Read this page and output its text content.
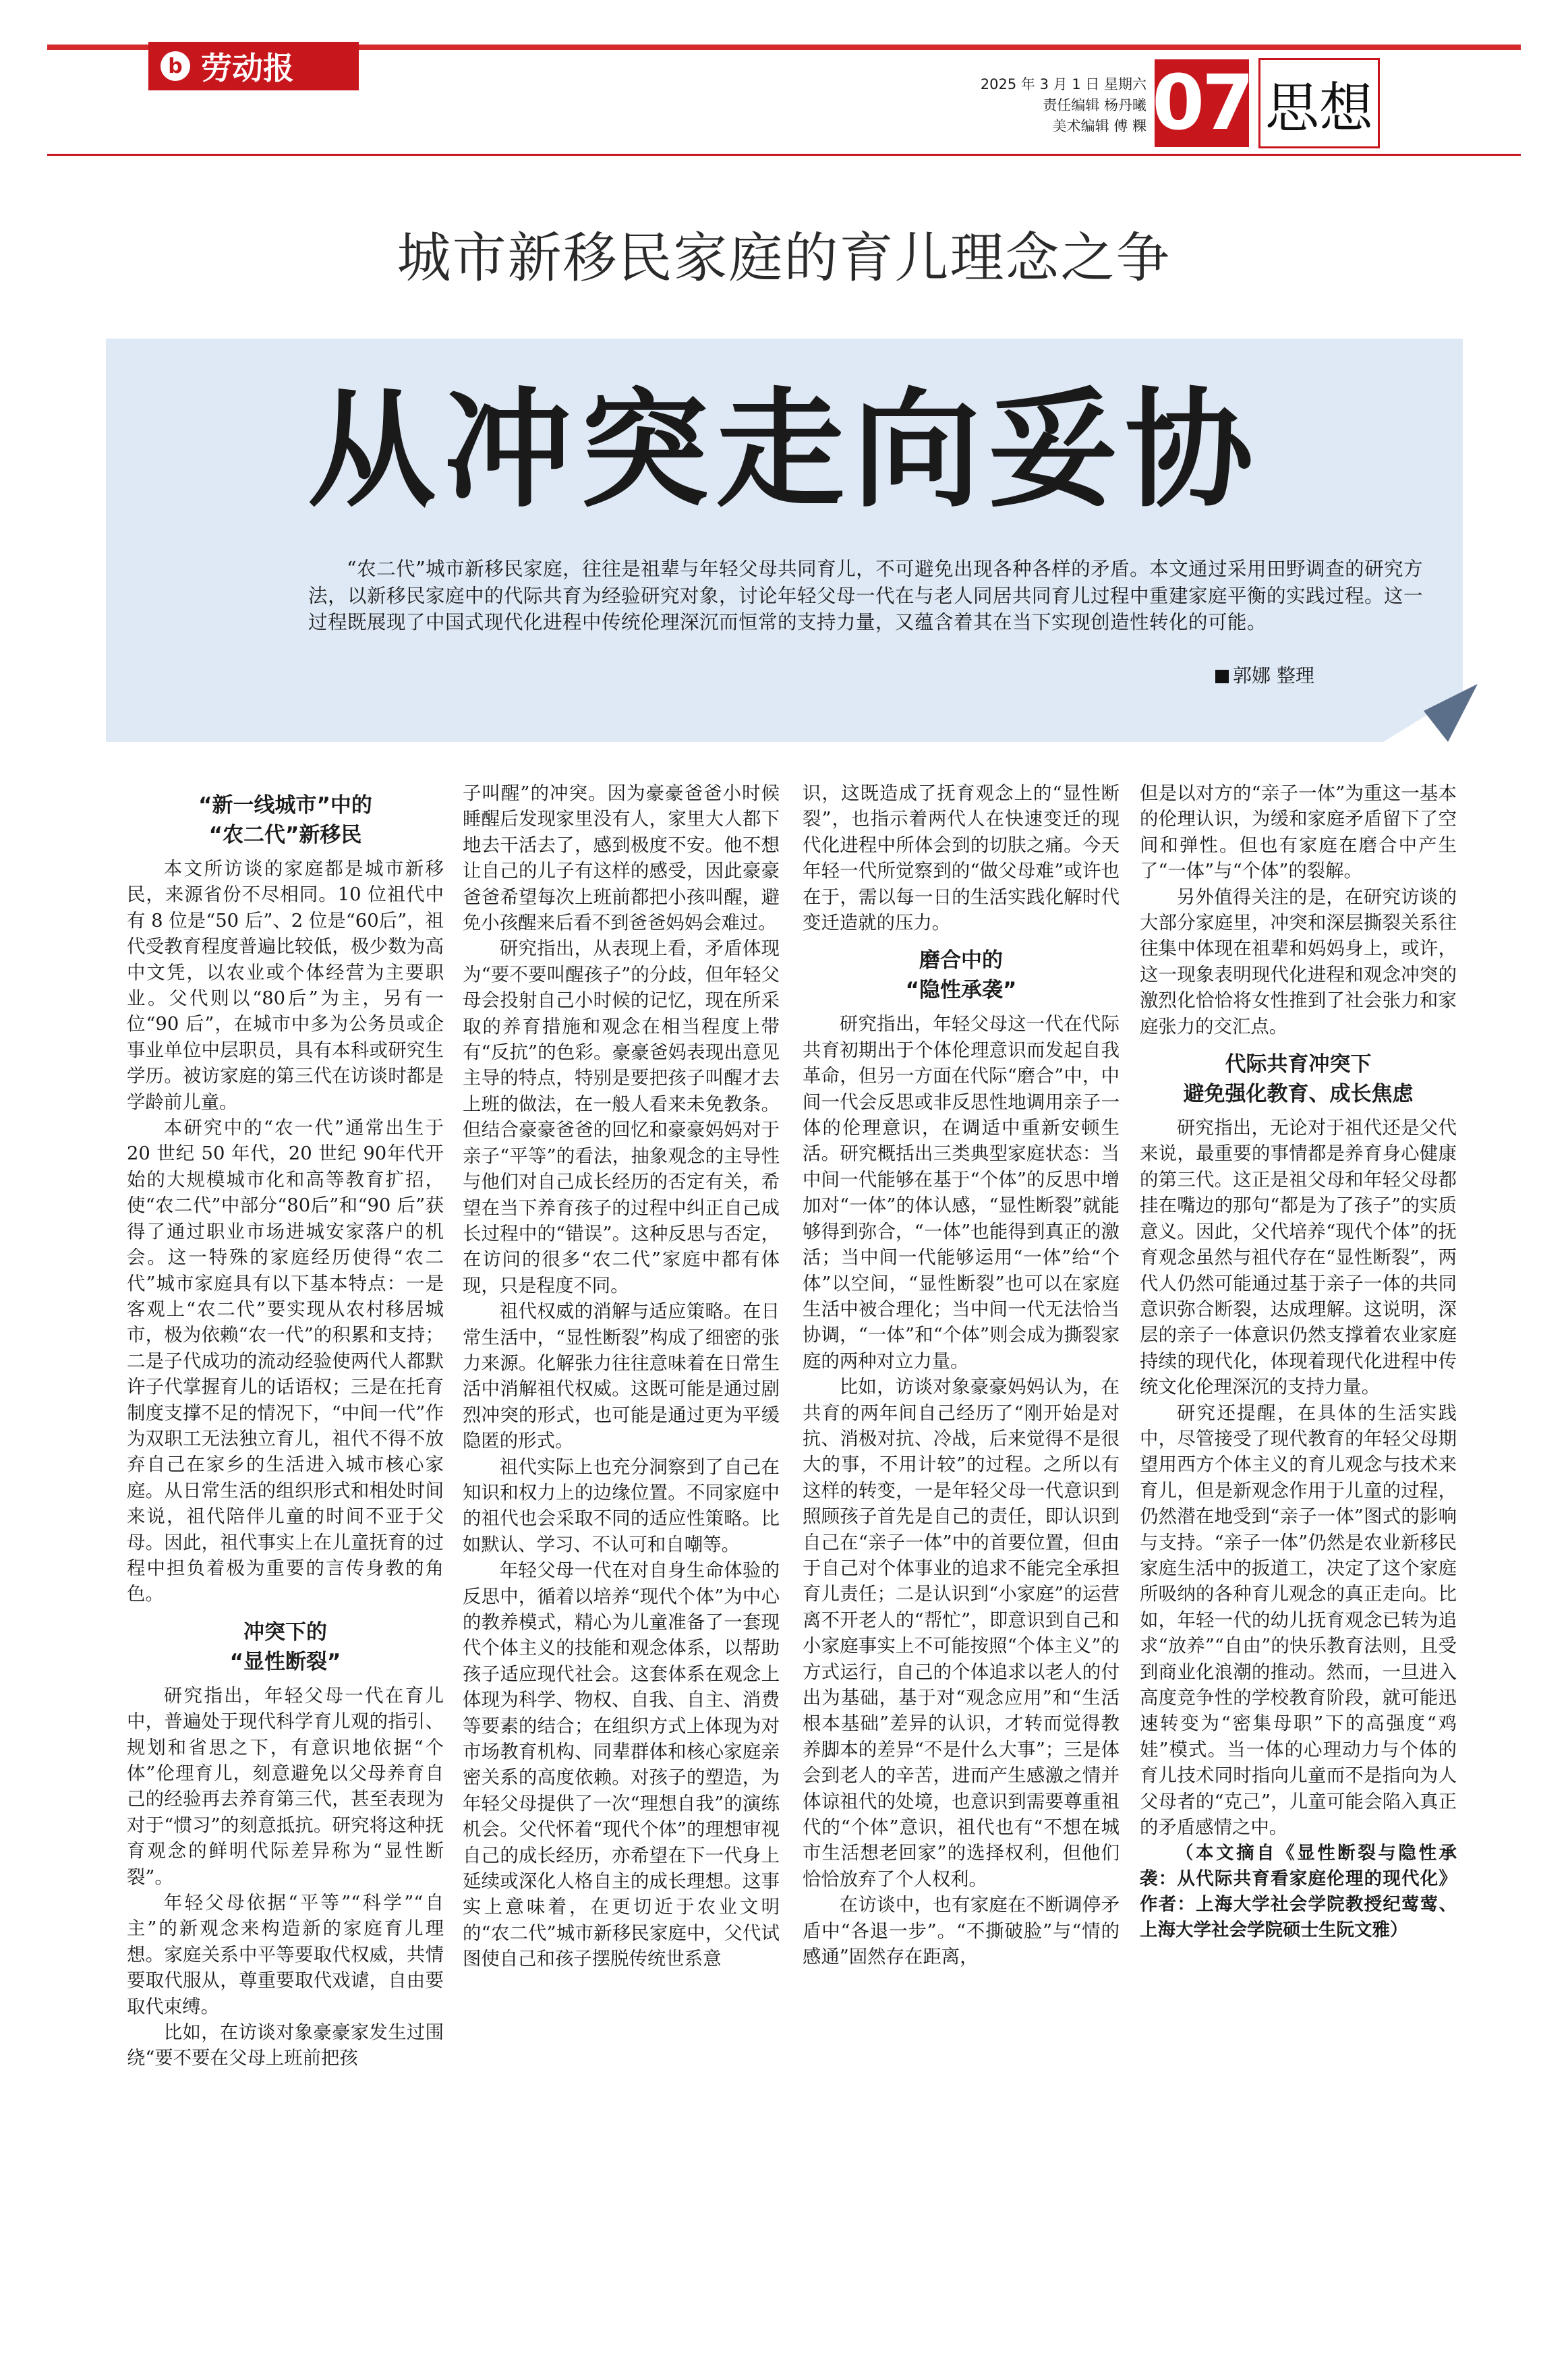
b 劳动报	2025 年 3 月 1 日 星期六
责任编辑 杨丹曦
美术编辑 傅 粿 07 思想
城市新移民家庭的育儿理念之争
从冲突走向妥协
“农二代”城市新移民家庭，往往是祖辈与年轻父母共同育儿，不可避免出现各种各样的矛盾。本文通过采用田野调查的研究方法，以新移民家庭中的代际共育为经验研究对象，讨论年轻父母一代在与老人同居共同育儿过程中重建家庭平衡的实践过程。这一过程既展现了中国式现代化进程中传统伦理深沉而恒常的支持力量，又蕴含着其在当下实现创造性转化的可能。
郭娜 整理
“新一线城市”中的
“农二代”新移民

本文所访谈的家庭都是城市新移民，来源省份不尽相同。10 位祖代中有 8 位是“50 后”、2 位是“60后”，祖代受教育程度普遍比较低，极少数为高中文凭，以农业或个体经营为主要职业。父代则以“80后”为主，另有一位“90 后”，在城市中多为公务员或企事业单位中层职员，具有本科或研究生学历。被访家庭的第三代在访谈时都是学龄前儿童。

本研究中的“农一代”通常出生于 20 世纪 50 年代，20 世纪 90年代开始的大规模城市化和高等教育扩招，使“农二代”中部分“80后”和“90 后”获得了通过职业市场进城安家落户的机会。这一特殊的家庭经历使得“农二代”城市家庭具有以下基本特点：一是客观上“农二代”要实现从农村移居城市，极为依赖“农一代”的积累和支持；二是子代成功的流动经验使两代人都默许子代掌握育儿的话语权；三是在托育制度支撑不足的情况下，“中间一代”作为双职工无法独立育儿，祖代不得不放弃自己在家乡的生活进入城市核心家庭。从日常生活的组织形式和相处时间来说，祖代陪伴儿童的时间不亚于父母。因此，祖代事实上在儿童抚育的过程中担负着极为重要的言传身教的角色。

冲突下的
“显性断裂”

研究指出，年轻父母一代在育儿中，普遍处于现代科学育儿观的指引、规划和省思之下，有意识地依据“个体”伦理育儿，刻意避免以父母养育自己的经验再去养育第三代，甚至表现为对于“惯习”的刻意抵抗。研究将这种抚育观念的鲜明代际差异称为“显性断裂”。

年轻父母依据“平等”“科学”“自主”的新观念来构造新的家庭育儿理想。家庭关系中平等要取代权威，共情要取代服从，尊重要取代戏谑，自由要取代束缚。

比如，在访谈对象豪豪家发生过围绕“要不要在父母上班前把孩

子叫醒”的冲突。因为豪豪爸爸小时候睡醒后发现家里没有人，家里大人都下地去干活去了，感到极度不安。他不想让自己的儿子有这样的感受，因此豪豪爸爸希望每次上班前都把小孩叫醒，避免小孩醒来后看不到爸爸妈妈会难过。

研究指出，从表现上看，矛盾体现为“要不要叫醒孩子”的分歧，但年轻父母会投射自己小时候的记忆，现在所采取的养育措施和观念在相当程度上带有“反抗”的色彩。豪豪爸妈表现出意见主导的特点，特别是要把孩子叫醒才去上班的做法，在一般人看来未免教条。但结合豪豪爸爸的回忆和豪豪妈妈对于亲子“平等”的看法，抽象观念的主导性与他们对自己成长经历的否定有关，希望在当下养育孩子的过程中纠正自己成长过程中的“错误”。这种反思与否定，在访问的很多“农二代”家庭中都有体现，只是程度不同。

祖代权威的消解与适应策略。在日常生活中，“显性断裂”构成了细密的张力来源。化解张力往往意味着在日常生活中消解祖代权威。这既可能是通过剧烈冲突的形式，也可能是通过更为平缓隐匿的形式。

祖代实际上也充分洞察到了自己在知识和权力上的边缘位置。不同家庭中的祖代也会采取不同的适应性策略。比如默认、学习、不认可和自嘲等。

年轻父母一代在对自身生命体验的反思中，循着以培养“现代个体”为中心的教养模式，精心为儿童准备了一套现代个体主义的技能和观念体系，以帮助孩子适应现代社会。这套体系在观念上体现为科学、物权、自我、自主、消费等要素的结合；在组织方式上体现为对市场教育机构、同辈群体和核心家庭亲密关系的高度依赖。对孩子的塑造，为年轻父母提供了一次“理想自我”的演练机会。父代怀着“现代个体”的理想审视自己的成长经历，亦希望在下一代身上延续或深化人格自主的成长理想。这事实上意味着，在更切近于农业文明的“农二代”城市新移民家庭中，父代试图使自己和孩子摆脱传统世系意

识，这既造成了抚育观念上的“显性断裂”，也指示着两代人在快速变迁的现代化进程中所体会到的切肤之痛。今天年轻一代所觉察到的“做父母难”或许也在于，需以每一日的生活实践化解时代变迁造就的压力。

磨合中的
“隐性承袭”

研究指出，年轻父母这一代在代际共育初期出于个体伦理意识而发起自我革命，但另一方面在代际“磨合”中，中间一代会反思或非反思性地调用亲子一体的伦理意识，在调适中重新安顿生活。研究概括出三类典型家庭状态：当中间一代能够在基于“个体”的反思中增加对“一体”的体认感，“显性断裂”就能够得到弥合，“一体”也能得到真正的激活；当中间一代能够运用“一体”给“个体”以空间，“显性断裂”也可以在家庭生活中被合理化；当中间一代无法恰当协调，“一体”和“个体”则会成为撕裂家庭的两种对立力量。

比如，访谈对象豪豪妈妈认为，在共育的两年间自己经历了“刚开始是对抗、消极对抗、冷战，后来觉得不是很大的事，不用计较”的过程。之所以有这样的转变，一是年轻父母一代意识到照顾孩子首先是自己的责任，即认识到自己在“亲子一体”中的首要位置，但由于自己对个体事业的追求不能完全承担育儿责任；二是认识到“小家庭”的运营离不开老人的“帮忙”，即意识到自己和小家庭事实上不可能按照“个体主义”的方式运行，自己的个体追求以老人的付出为基础，基于对“观念应用”和“生活根本基础”差异的认识，才转而觉得教养脚本的差异“不是什么大事”；三是体会到老人的辛苦，进而产生感激之情并体谅祖代的处境，也意识到需要尊重祖代的“个体”意识，祖代也有“不想在城市生活想老回家”的选择权利，但他们恰恰放弃了个人权利。

在访谈中，也有家庭在不断调停矛盾中“各退一步”。“不撕破脸”与“情的感通”固然存在距离，

但是以对方的“亲子一体”为重这一基本的伦理认识，为缓和家庭矛盾留下了空间和弹性。但也有家庭在磨合中产生了“一体”与“个体”的裂解。

另外值得关注的是，在研究访谈的大部分家庭里，冲突和深层撕裂关系往往集中体现在祖辈和妈妈身上，或许，这一现象表明现代化进程和观念冲突的激烈化恰恰将女性推到了社会张力和家庭张力的交汇点。

代际共育冲突下
避免强化教育、成长焦虑

研究指出，无论对于祖代还是父代来说，最重要的事情都是养育身心健康的第三代。这正是祖父母和年轻父母都挂在嘴边的那句“都是为了孩子”的实质意义。因此，父代培养“现代个体”的抚育观念虽然与祖代存在“显性断裂”，两代人仍然可能通过基于亲子一体的共同意识弥合断裂，达成理解。这说明，深层的亲子一体意识仍然支撑着农业家庭持续的现代化，体现着现代化进程中传统文化伦理深沉的支持力量。

研究还提醒，在具体的生活实践中，尽管接受了现代教育的年轻父母期望用西方个体主义的育儿观念与技术来育儿，但是新观念作用于儿童的过程，仍然潜在地受到“亲子一体”图式的影响与支持。“亲子一体”仍然是农业新移民家庭生活中的扳道工，决定了这个家庭所吸纳的各种育儿观念的真正走向。比如，年轻一代的幼儿抚育观念已转为追求“放养”“自由”的快乐教育法则，且受到商业化浪潮的推动。然而，一旦进入高度竞争性的学校教育阶段，就可能迅速转变为“密集母职”下的高强度“鸡娃”模式。当一体的心理动力与个体的育儿技术同时指向儿童而不是指向为人父母者的“克己”，儿童可能会陷入真正的矛盾感情之中。

（本文摘自《显性断裂与隐性承袭：从代际共育看家庭伦理的现代化》 作者：上海大学社会学院教授纪莺莺、上海大学社会学院硕士生阮文雅）
